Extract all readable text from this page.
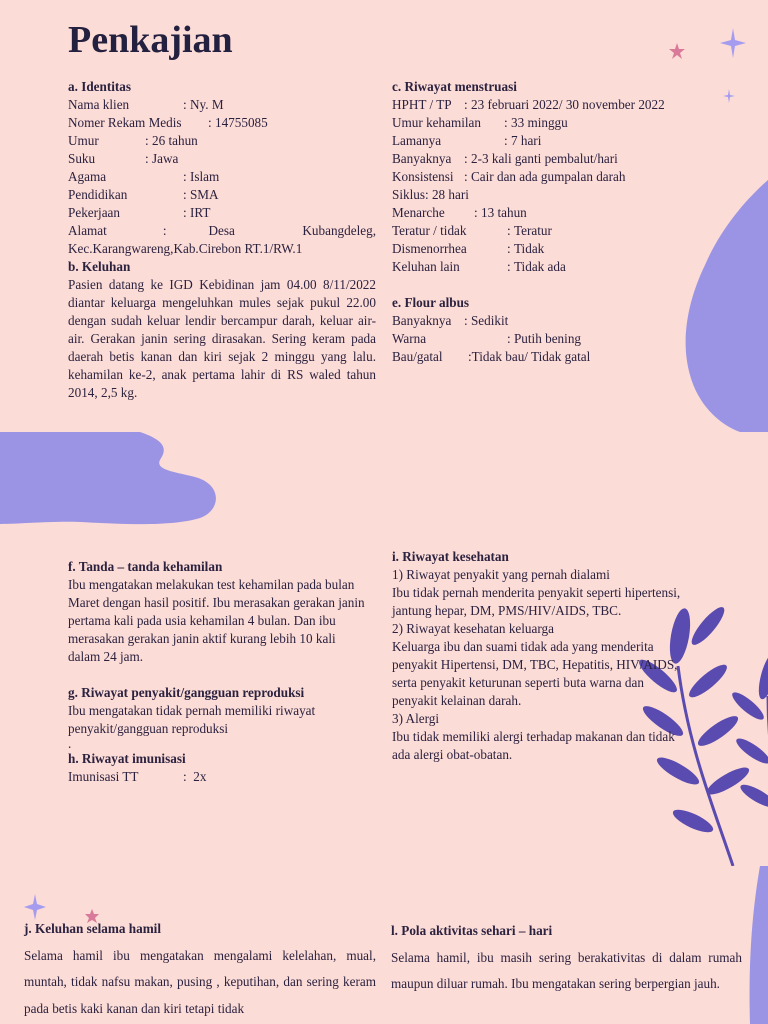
Penkajian

a. Identitas

Nama klien	:
Ny. M
Nomer Rekam Medis	:
14755085
Umur	:
26 tahun
Suku	:
Jawa
Agama	:
Islam
Pendidikan	:
SMA
Pekerjaan	:
IRT
Alamat	:	Desa Kubangdeleg,

Kec.Karangwareng,Kab.Cirebon RT.1/RW.1

b. Keluhan

Pasien datang ke IGD Kebidinan jam 04.00 8/11/2022 diantar keluarga mengeluhkan mules sejak pukul 22.00 dengan sudah keluar lendir bercampur darah, keluar air-air. Gerakan janin sering dirasakan. Sering keram pada daerah betis kanan dan kiri sejak 2 minggu yang lalu. kehamilan ke-2, anak pertama lahir di RS waled tahun 2014, 2,5 kg.

c. Riwayat menstruasi

HPHT / TP :
23 februari 2022/ 30 november 2022
Umur kehamilan	:
33 minggu
Lamanya	:
7 hari
Banyaknya :
2-3 kali ganti pembalut/hari
Konsistensi :
Cair dan ada gumpalan darah

Siklus: 28 hari

Menarche	:
13 tahun
Teratur / tidak	:
Teratur
Dismenorrhea	:
Tidak
Keluhan lain	:
Tidak ada

e. Flour albus

Banyaknya :
Sedikit
Warna	:
Putih bening
Bau/gatal	: Tidak bau/ Tidak gatal

f. Tanda – tanda kehamilan

Ibu mengatakan melakukan test kehamilan pada bulan Maret dengan hasil positif. Ibu merasakan gerakan janin pertama kali pada usia kehamilan 4 bulan. Dan ibu merasakan gerakan janin aktif kurang lebih 10 kali dalam 24 jam.

g. Riwayat penyakit/gangguan reproduksi

Ibu mengatakan tidak pernah memiliki riwayat penyakit/gangguan reproduksi

.

h. Riwayat imunisasi

Imunisasi TT	:
2x

i. Riwayat kesehatan

1) Riwayat penyakit yang pernah dialami

Ibu tidak pernah menderita penyakit seperti hipertensi, jantung hepar, DM, PMS/HIV/AIDS, TBC.

2) Riwayat kesehatan keluarga

Keluarga ibu dan suami tidak ada yang menderita penyakit Hipertensi, DM, TBC, Hepatitis, HIV/AIDS, serta penyakit keturunan seperti buta warna dan penyakit kelainan darah.

3) Alergi

Ibu tidak memiliki alergi terhadap makanan dan tidak ada alergi obat-obatan.

j. Keluhan selama hamil

Selama hamil ibu mengatakan mengalami kelelahan, mual, muntah, tidak nafsu makan, pusing , keputihan, dan sering keram pada betis kaki kanan dan kiri tetapi tidak

l. Pola aktivitas sehari – hari

Selama hamil, ibu masih sering berakativitas di dalam rumah maupun diluar rumah. Ibu mengatakan sering berpergian jauh.
